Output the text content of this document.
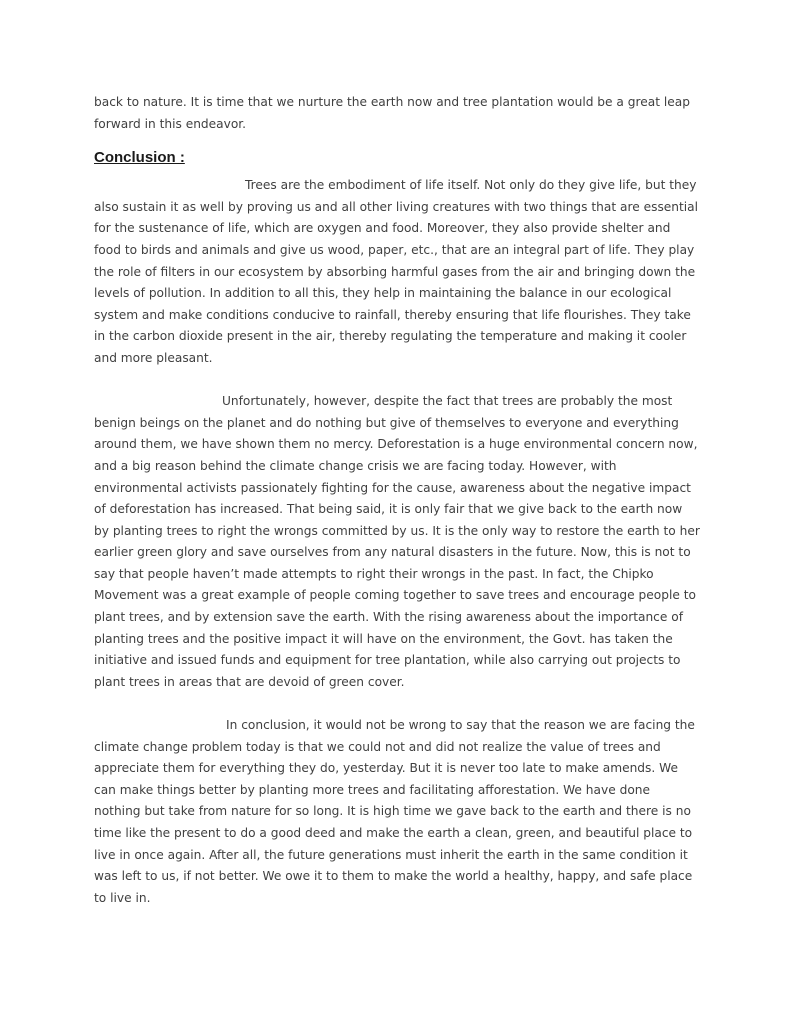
back to nature. It is time that we nurture the earth now and tree plantation would be a great leap forward in this endeavor.

Conclusion :

Trees are the embodiment of life itself. Not only do they give life, but they also sustain it as well by proving us and all other living creatures with two things that are essential for the sustenance of life, which are oxygen and food. Moreover, they also provide shelter and food to birds and animals and give us wood, paper, etc., that are an integral part of life. They play the role of filters in our ecosystem by absorbing harmful gases from the air and bringing down the levels of pollution. In addition to all this, they help in maintaining the balance in our ecological system and make conditions conducive to rainfall, thereby ensuring that life flourishes. They take in the carbon dioxide present in the air, thereby regulating the temperature and making it cooler and more pleasant.

Unfortunately, however, despite the fact that trees are probably the most benign beings on the planet and do nothing but give of themselves to everyone and everything around them, we have shown them no mercy. Deforestation is a huge environmental concern now, and a big reason behind the climate change crisis we are facing today. However, with environmental activists passionately fighting for the cause, awareness about the negative impact of deforestation has increased. That being said, it is only fair that we give back to the earth now by planting trees to right the wrongs committed by us. It is the only way to restore the earth to her earlier green glory and save ourselves from any natural disasters in the future. Now, this is not to say that people haven’t made attempts to right their wrongs in the past. In fact, the Chipko Movement was a great example of people coming together to save trees and encourage people to plant trees, and by extension save the earth. With the rising awareness about the importance of planting trees and the positive impact it will have on the environment, the Govt. has taken the initiative and issued funds and equipment for tree plantation, while also carrying out projects to plant trees in areas that are devoid of green cover.

In conclusion, it would not be wrong to say that the reason we are facing the climate change problem today is that we could not and did not realize the value of trees and appreciate them for everything they do, yesterday. But it is never too late to make amends. We can make things better by planting more trees and facilitating afforestation. We have done nothing but take from nature for so long. It is high time we gave back to the earth and there is no time like the present to do a good deed and make the earth a clean, green, and beautiful place to live in once again. After all, the future generations must inherit the earth in the same condition it was left to us, if not better. We owe it to them to make the world a healthy, happy, and safe place to live in.
